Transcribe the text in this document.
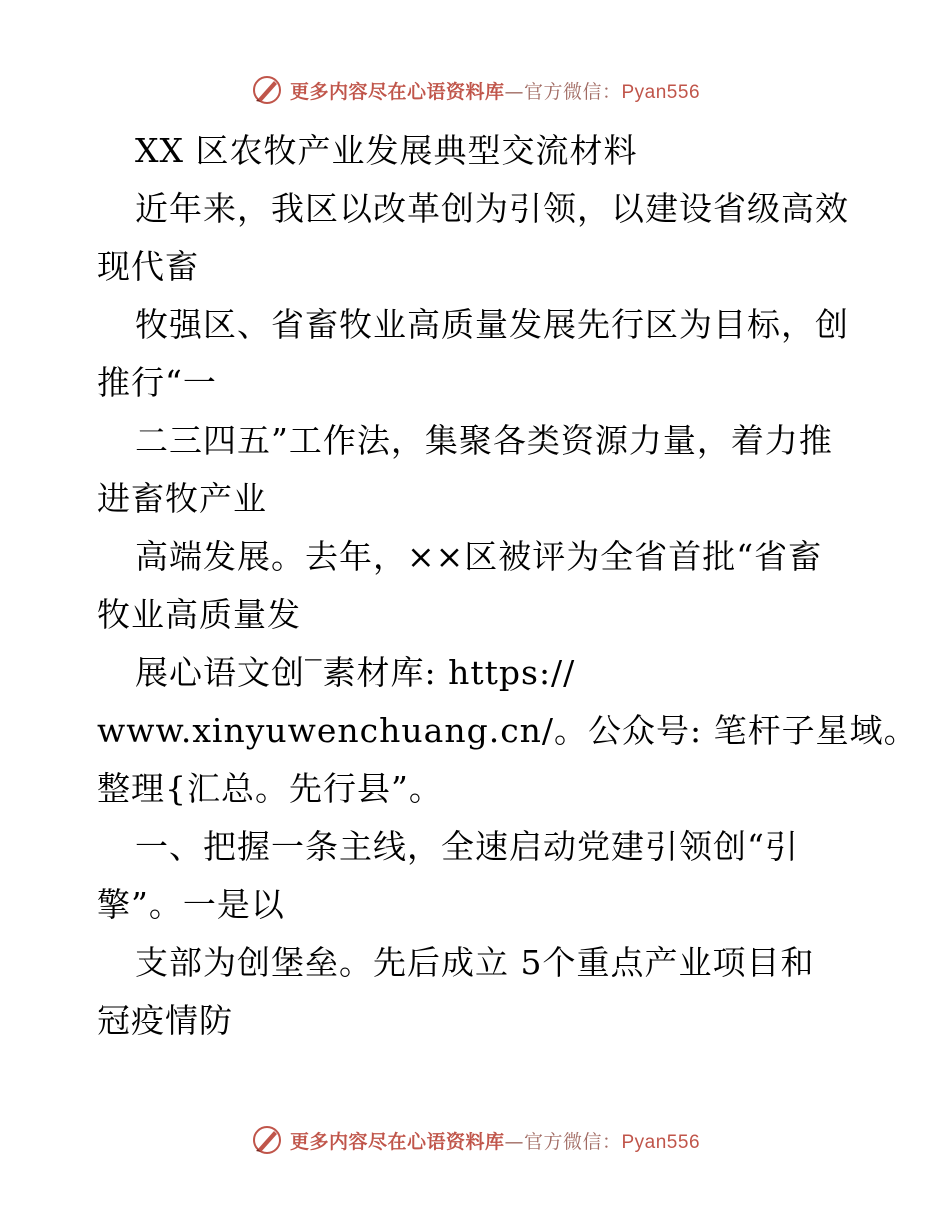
更多内容尽在心语资料库—官方微信：Pyan556
XX 区农牧产业发展典型交流材料
近年来，我区以改革创为引领，以建设省级高效
现代畜
牧强区、省畜牧业高质量发展先行区为目标，创
推行“一
二三四五”工作法，集聚各类资源力量，着力推
进畜牧产业
高端发展。去年，××区被评为全省首批“省畜
牧业高质量发
展心语文创‾素材库: https://
www.xinyuwenchuang.cn/。公众号: 笔杆子星域。
整理{汇总。先行县”。
一、把握一条主线，全速启动党建引领创“引
擎”。一是以
支部为创堡垒。先后成立 5个重点产业项目和
冠疫情防
更多内容尽在心语资料库—官方微信：Pyan556
